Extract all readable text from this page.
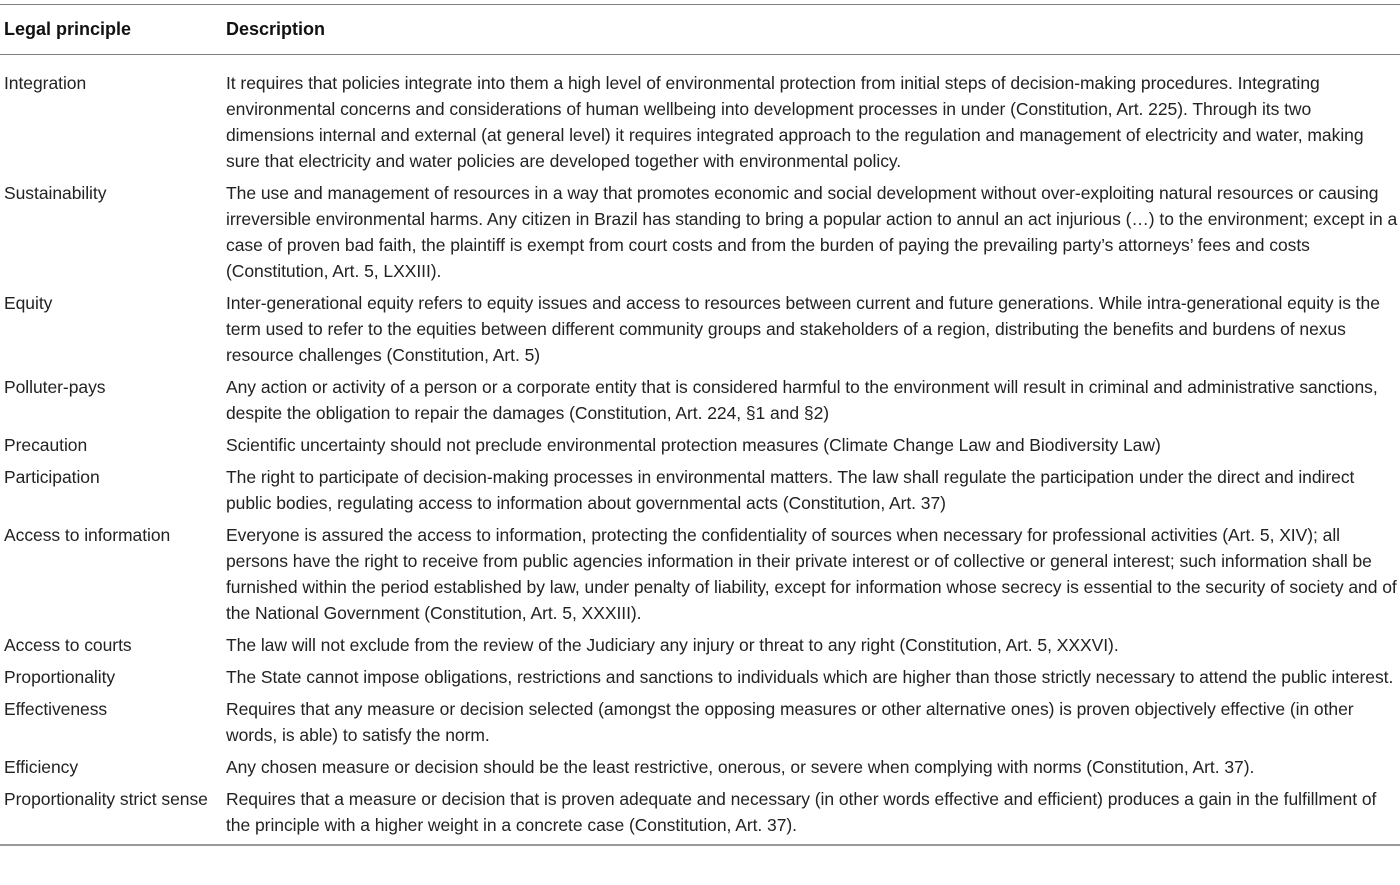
Legal principle	Description
Integration	It requires that policies integrate into them a high level of environmental protection from initial steps of decision-making procedures. Integrating environmental concerns and considerations of human wellbeing into development processes in under (Constitution, Art. 225). Through its two dimensions internal and external (at general level) it requires integrated approach to the regulation and management of electricity and water, making sure that electricity and water policies are developed together with environmental policy.
Sustainability	The use and management of resources in a way that promotes economic and social development without over-exploiting natural resources or causing irreversible environmental harms. Any citizen in Brazil has standing to bring a popular action to annul an act injurious (…) to the environment; except in a case of proven bad faith, the plaintiff is exempt from court costs and from the burden of paying the prevailing party’s attorneys’ fees and costs (Constitution, Art. 5, LXXIII).
Equity	Inter-generational equity refers to equity issues and access to resources between current and future generations. While intra-generational equity is the term used to refer to the equities between different community groups and stakeholders of a region, distributing the benefits and burdens of nexus resource challenges (Constitution, Art. 5)
Polluter-pays	Any action or activity of a person or a corporate entity that is considered harmful to the environment will result in criminal and administrative sanctions, despite the obligation to repair the damages (Constitution, Art. 224, §1 and §2)
Precaution	Scientific uncertainty should not preclude environmental protection measures (Climate Change Law and Biodiversity Law)
Participation	The right to participate of decision-making processes in environmental matters. The law shall regulate the participation under the direct and indirect public bodies, regulating access to information about governmental acts (Constitution, Art. 37)
Access to information	Everyone is assured the access to information, protecting the confidentiality of sources when necessary for professional activities (Art. 5, XIV); all persons have the right to receive from public agencies information in their private interest or of collective or general interest; such information shall be furnished within the period established by law, under penalty of liability, except for information whose secrecy is essential to the security of society and of the National Government (Constitution, Art. 5, XXXIII).
Access to courts	The law will not exclude from the review of the Judiciary any injury or threat to any right (Constitution, Art. 5, XXXVI).
Proportionality	The State cannot impose obligations, restrictions and sanctions to individuals which are higher than those strictly necessary to attend the public interest.
Effectiveness	Requires that any measure or decision selected (amongst the opposing measures or other alternative ones) is proven objectively effective (in other words, is able) to satisfy the norm.
Efficiency	Any chosen measure or decision should be the least restrictive, onerous, or severe when complying with norms (Constitution, Art. 37).
Proportionality strict sense	Requires that a measure or decision that is proven adequate and necessary (in other words effective and efficient) produces a gain in the fulfillment of the principle with a higher weight in a concrete case (Constitution, Art. 37).
